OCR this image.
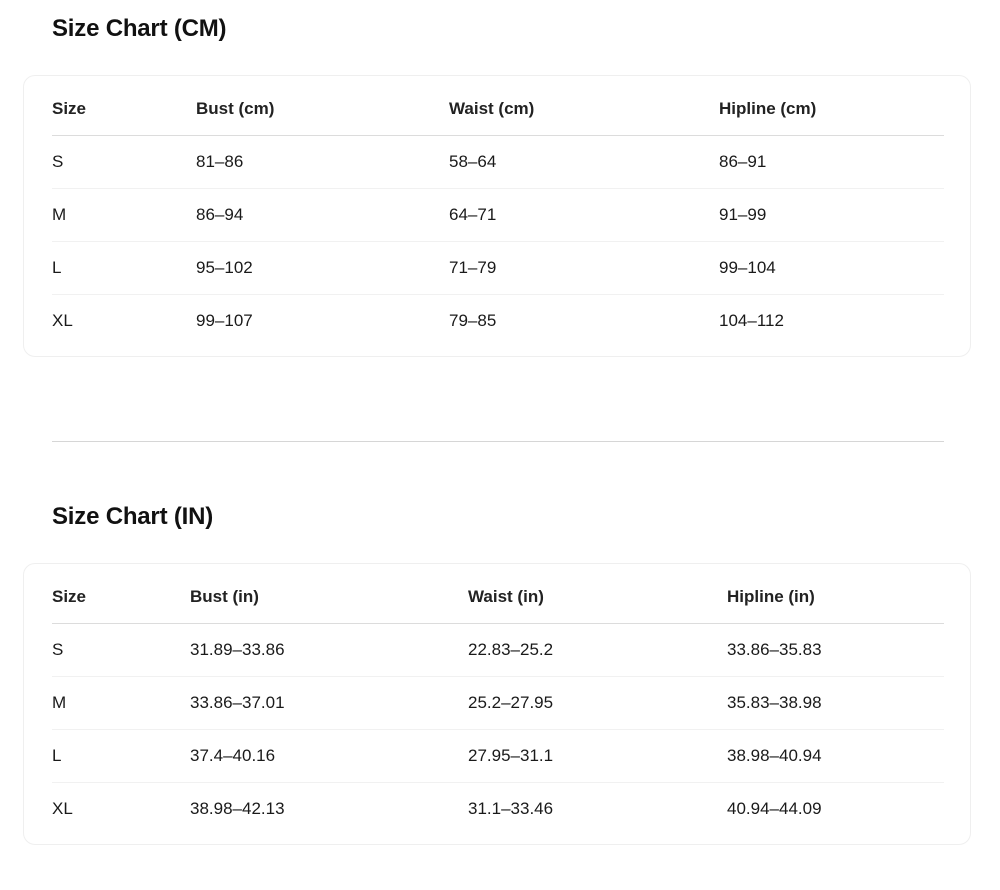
Size Chart (CM)
Size	Bust (cm)	Waist (cm)	Hipline (cm)
S	81–86	58–64	86–91
M	86–94	64–71	91–99
L	95–102	71–79	99–104
XL	99–107	79–85	104–112
Size Chart (IN)
Size	Bust (in)	Waist (in)	Hipline (in)
S	31.89–33.86	22.83–25.2	33.86–35.83
M	33.86–37.01	25.2–27.95	35.83–38.98
L	37.4–40.16	27.95–31.1	38.98–40.94
XL	38.98–42.13	31.1–33.46	40.94–44.09
